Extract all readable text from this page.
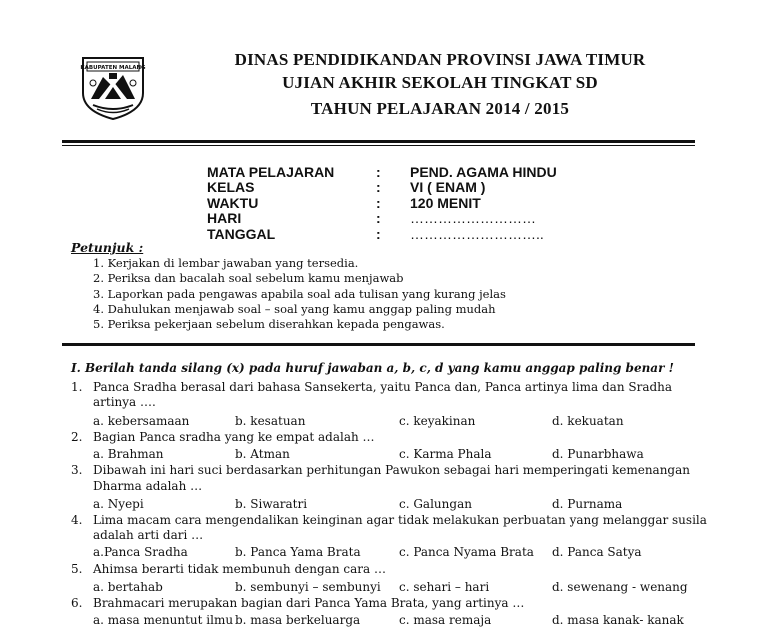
KABUPATEN MALANG	DINAS PENDIDIKANDAN PROVINSI JAWA TIMUR
UJIAN AKHIR SEKOLAH TINGKAT SD
TAHUN PELAJARAN 2014 / 2015
MATA PELAJARAN	: PEND. AGAMA HINDU
KELAS	: VI ( ENAM )
WAKTU	: 120 MENIT
HARI	: ………………………
TANGGAL	: ………………………..
Petunjuk :
1. Kerjakan di lembar jawaban yang tersedia.
2. Periksa dan bacalah soal sebelum kamu menjawab
3. Laporkan pada pengawas apabila soal ada tulisan yang kurang jelas
4. Dahulukan menjawab soal – soal yang kamu anggap paling mudah
5. Periksa pekerjaan sebelum diserahkan kepada pengawas.
I. Berilah tanda silang (x) pada huruf jawaban a, b, c, d yang kamu anggap paling benar !
1. Panca Sradha berasal dari bahasa Sansekerta, yaitu Panca dan, Panca artinya lima dan Sradha
artinya ….
a. kebersamaan	b. kesatuan	c. keyakinan	d. kekuatan
2. Bagian Panca sradha yang ke empat adalah …
a. Brahman	b. Atman	c. Karma Phala	d. Punarbhawa
3. Dibawah ini hari suci berdasarkan perhitungan Pawukon sebagai hari memperingati kemenangan
Dharma adalah …
a. Nyepi	b. Siwaratri	c. Galungan	d. Purnama
4. Lima macam cara mengendalikan keinginan agar tidak melakukan perbuatan yang melanggar susila
adalah arti dari …
a.Panca Sradha	b. Panca Yama Brata	c. Panca Nyama Brata d. Panca Satya
5. Ahimsa berarti tidak membunuh dengan cara …
a. bertahab	b. sembunyi – sembunyi c. sehari – hari	d. sewenang - wenang
6. Brahmacari merupakan bagian dari Panca Yama Brata, yang artinya …
a. masa menuntut ilmu b. masa berkeluarga	c. masa remaja	d. masa kanak- kanak
